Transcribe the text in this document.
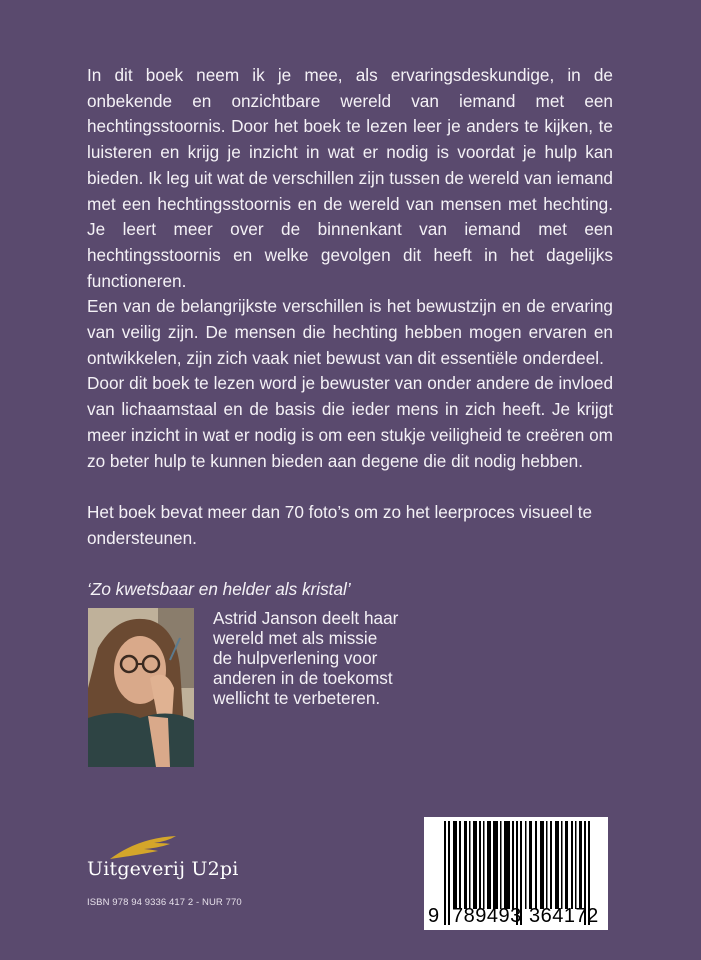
In dit boek neem ik je mee, als ervaringsdeskundige, in de onbekende en onzichtbare wereld van iemand met een hechtingsstoornis. Door het boek te lezen leer je anders te kijken, te luisteren en krijg je inzicht in wat er nodig is voordat je hulp kan bieden. Ik leg uit wat de verschillen zijn tussen de wereld van iemand met een hechtingsstoornis en de wereld van mensen met hechting. Je leert meer over de binnenkant van iemand met een hechtingsstoornis en welke gevolgen dit heeft in het dagelijks functioneren.

Een van de belangrijkste verschillen is het bewustzijn en de ervaring van veilig zijn. De mensen die hechting hebben mogen ervaren en ontwikkelen, zijn zich vaak niet bewust van dit essentiële onderdeel.

Door dit boek te lezen word je bewuster van onder andere de invloed van lichaamstaal en de basis die ieder mens in zich heeft. Je krijgt meer inzicht in wat er nodig is om een stukje veiligheid te creëren om zo beter hulp te kunnen bieden aan degene die dit nodig hebben.

Het boek bevat meer dan 70 foto’s om zo het leerproces visueel te ondersteunen.

‘Zo kwetsbaar en helder als kristal’

Astrid Janson deelt haar
wereld met als missie
de hulpverlening voor
anderen in de toekomst
wellicht te verbeteren.
Uitgeverij U2pi
ISBN 978 94 9336 417 2 - NUR 770
9 789493 364172
